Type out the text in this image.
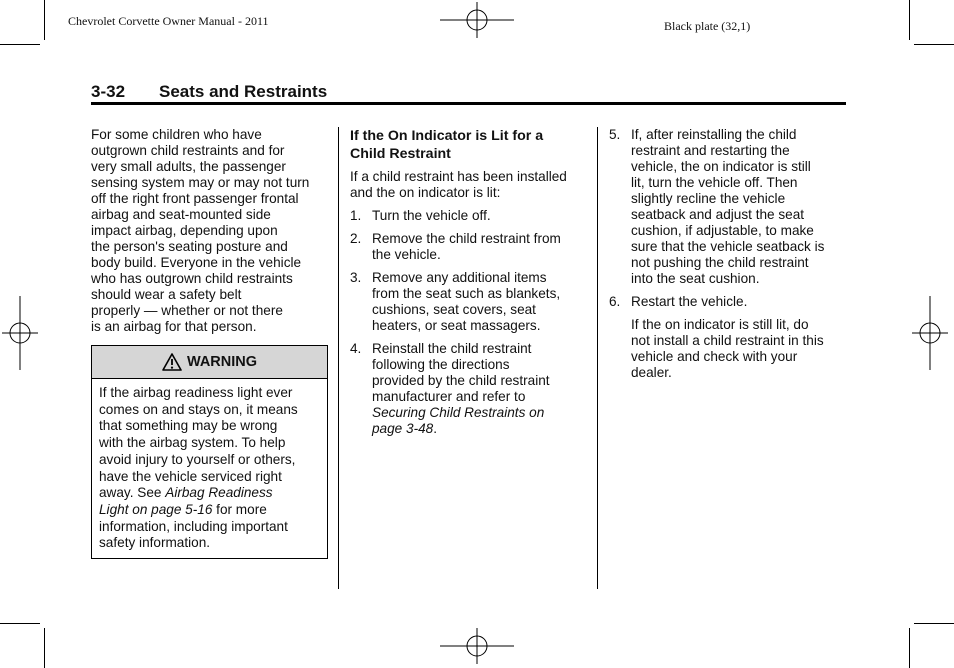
Chevrolet Corvette Owner Manual - 2011	Black plate (32,1)
3-32 Seats and Restraints

For some children who have
outgrown child restraints and for
very small adults, the passenger
sensing system may or may not turn
off the right front passenger frontal
airbag and seat-mounted side
impact airbag, depending upon
the person's seating posture and
body build. Everyone in the vehicle
who has outgrown child restraints
should wear a safety belt
properly — whether or not there
is an airbag for that person.

WARNING
If the airbag readiness light ever
comes on and stays on, it means
that something may be wrong
with the airbag system. To help
avoid injury to yourself or others,
have the vehicle serviced right
away. See Airbag Readiness
Light on page 5-16 for more
information, including important
safety information.
If the On Indicator is Lit for a
Child Restraint

If a child restraint has been installed
and the on indicator is lit:

1. Turn the vehicle off.
2. Remove the child restraint from
the vehicle.
3. Remove any additional items
from the seat such as blankets,
cushions, seat covers, seat
heaters, or seat massagers.
4. Reinstall the child restraint
following the directions
provided by the child restraint
manufacturer and refer to
Securing Child Restraints on
page 3-48.
5. If, after reinstalling the child
restraint and restarting the
vehicle, the on indicator is still
lit, turn the vehicle off. Then
slightly recline the vehicle
seatback and adjust the seat
cushion, if adjustable, to make
sure that the vehicle seatback is
not pushing the child restraint
into the seat cushion.
6. Restart the vehicle.

If the on indicator is still lit, do
not install a child restraint in this
vehicle and check with your
dealer.
